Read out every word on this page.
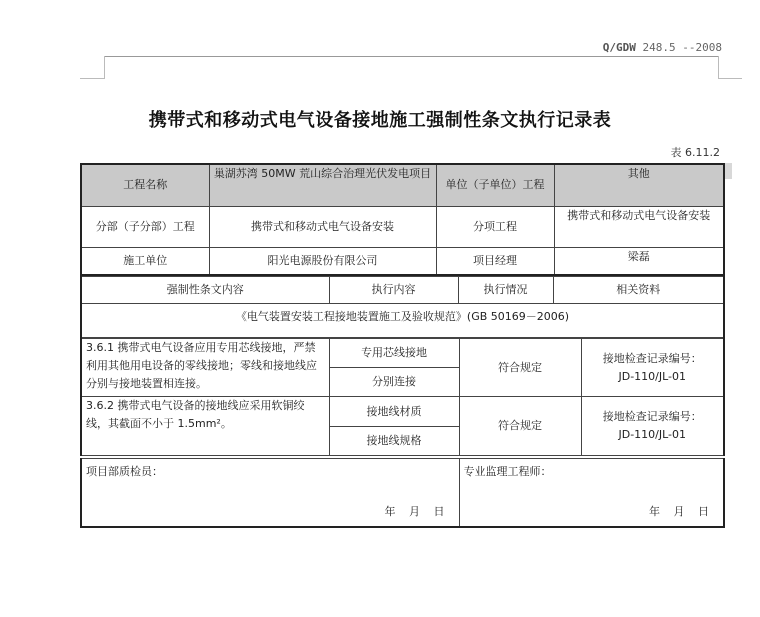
Q/GDW 248.5 --2008
携带式和移动式电气设备接地施工强制性条文执行记录表
表 6.11.2
工程名称	巢湖苏湾 50MW 荒山综合治理光伏发电项目	单位（子单位）工程	其他
分部（子分部）工程	携带式和移动式电气设备安装	分项工程	携带式和移动式电气设备安装
施工单位	阳光电源股份有限公司	项目经理	梁磊
强制性条文内容	执行内容	执行情况	相关资料
《电气装置安装工程接地装置施工及验收规范》(GB 50169－2006)
3.6.1 携带式电气设备应用专用芯线接地，严禁利用其他用电设备的零线接地；零线和接地线应分别与接地装置相连接。	专用芯线接地	符合规定	接地检查记录编号：
JD-110/JL-01

	分别连接		
3.6.2 携带式电气设备的接地线应采用软铜绞线，其截面不小于 1.5mm²。	接地线材质	符合规定	接地检查记录编号：
JD-110/JL-01

	接地线规格		
项目部质检员：	专业监理工程师：
年 月 日	年 月 日
